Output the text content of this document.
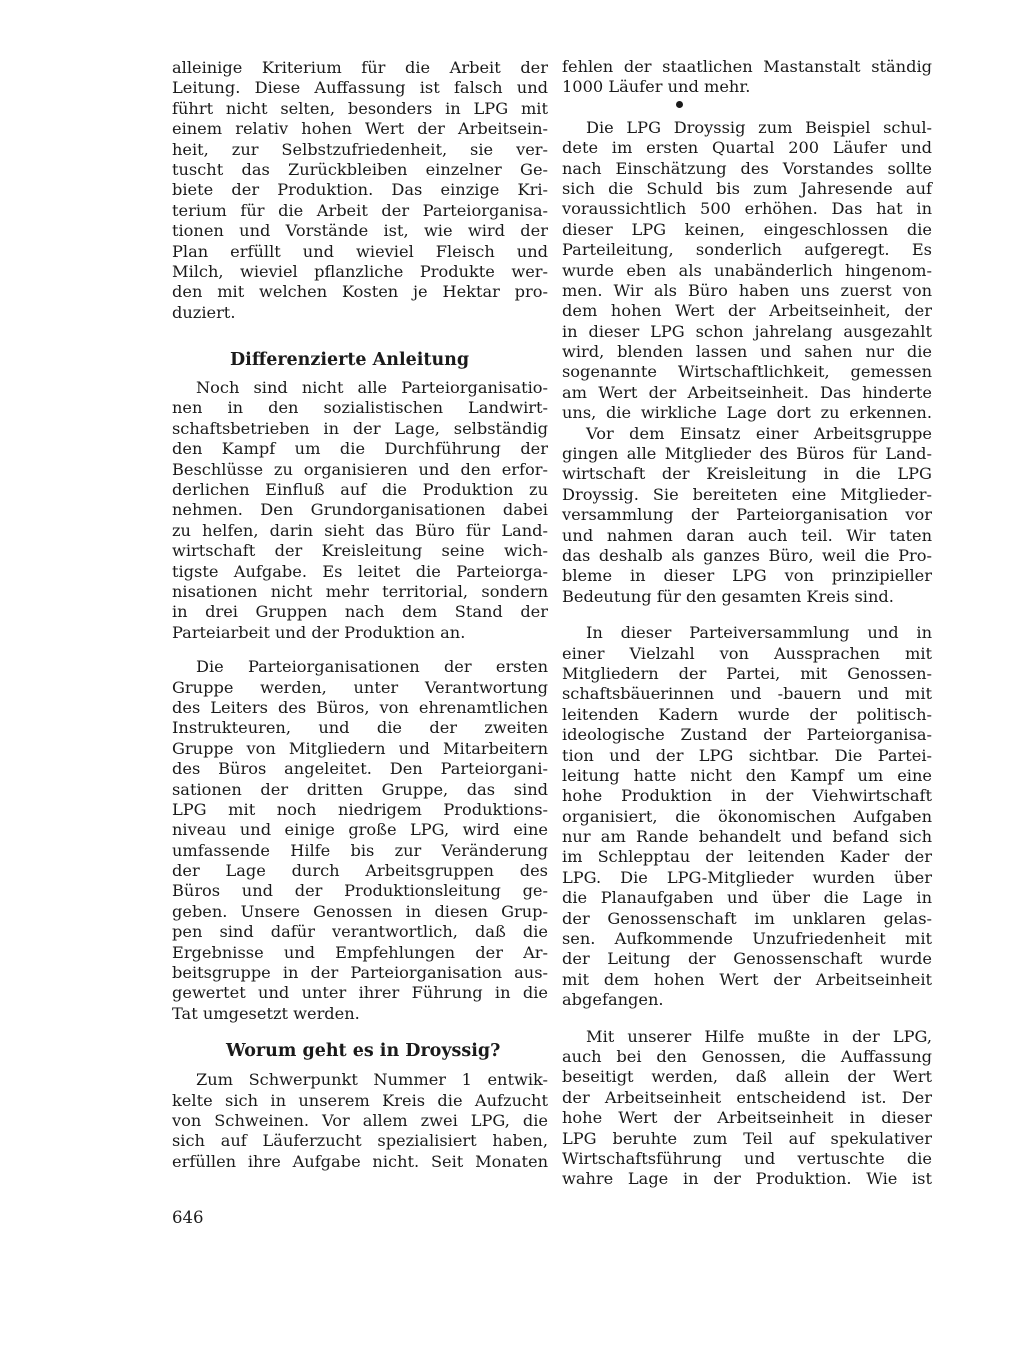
alleinige Kriterium für die Arbeit der
Leitung. Diese Auffassung ist falsch und
führt nicht selten, besonders in LPG mit
einem relativ hohen Wert der Arbeitsein-
heit, zur Selbstzufriedenheit, sie ver-
tuscht das Zurückbleiben einzelner Ge-
biete der Produktion. Das einzige Kri-
terium für die Arbeit der Parteiorganisa-
tionen und Vorstände ist, wie wird der
Plan erfüllt und wieviel Fleisch und
Milch, wieviel pflanzliche Produkte wer-
den mit welchen Kosten je Hektar pro-
duziert.
Differenzierte Anleitung
Noch sind nicht alle Parteiorganisatio-
nen in den sozialistischen Landwirt-
schaftsbetrieben in der Lage, selbständig
den Kampf um die Durchführung der
Beschlüsse zu organisieren und den erfor-
derlichen Einfluß auf die Produktion zu
nehmen. Den Grundorganisationen dabei
zu helfen, darin sieht das Büro für Land-
wirtschaft der Kreisleitung seine wich-
tigste Aufgabe. Es leitet die Parteiorga-
nisationen nicht mehr territorial, sondern
in drei Gruppen nach dem Stand der
Parteiarbeit und der Produktion an.
Die Parteiorganisationen der ersten
Gruppe werden, unter Verantwortung
des Leiters des Büros, von ehrenamtlichen
Instrukteuren, und die der zweiten
Gruppe von Mitgliedern und Mitarbeitern
des Büros angeleitet. Den Parteiorgani-
sationen der dritten Gruppe, das sind
LPG mit noch niedrigem Produktions-
niveau und einige große LPG, wird eine
umfassende Hilfe bis zur Veränderung
der Lage durch Arbeitsgruppen des
Büros und der Produktionsleitung ge-
geben. Unsere Genossen in diesen Grup-
pen sind dafür verantwortlich, daß die
Ergebnisse und Empfehlungen der Ar-
beitsgruppe in der Parteiorganisation aus-
gewertet und unter ihrer Führung in die
Tat umgesetzt werden.
Worum geht es in Droyssig?
Zum Schwerpunkt Nummer 1 entwik-
kelte sich in unserem Kreis die Aufzucht
von Schweinen. Vor allem zwei LPG, die
sich auf Läuferzucht spezialisiert haben,
erfüllen ihre Aufgabe nicht. Seit Monaten
fehlen der staatlichen Mastanstalt ständig
1000 Läufer und mehr.
Die LPG Droyssig zum Beispiel schul-
dete im ersten Quartal 200 Läufer und
nach Einschätzung des Vorstandes sollte
sich die Schuld bis zum Jahresende auf
voraussichtlich 500 erhöhen. Das hat in
dieser LPG keinen, eingeschlossen die
Parteileitung, sonderlich aufgeregt. Es
wurde eben als unabänderlich hingenom-
men. Wir als Büro haben uns zuerst von
dem hohen Wert der Arbeitseinheit, der
in dieser LPG schon jahrelang ausgezahlt
wird, blenden lassen und sahen nur die
sogenannte Wirtschaftlichkeit, gemessen
am Wert der Arbeitseinheit. Das hinderte
uns, die wirkliche Lage dort zu erkennen.
Vor dem Einsatz einer Arbeitsgruppe
gingen alle Mitglieder des Büros für Land-
wirtschaft der Kreisleitung in die LPG
Droyssig. Sie bereiteten eine Mitglieder-
versammlung der Parteiorganisation vor
und nahmen daran auch teil. Wir taten
das deshalb als ganzes Büro, weil die Pro-
bleme in dieser LPG von prinzipieller
Bedeutung für den gesamten Kreis sind.
In dieser Parteiversammlung und in
einer Vielzahl von Aussprachen mit
Mitgliedern der Partei, mit Genossen-
schaftsbäuerinnen und -bauern und mit
leitenden Kadern wurde der politisch-
ideologische Zustand der Parteiorganisa-
tion und der LPG sichtbar. Die Partei-
leitung hatte nicht den Kampf um eine
hohe Produktion in der Viehwirtschaft
organisiert, die ökonomischen Aufgaben
nur am Rande behandelt und befand sich
im Schlepptau der leitenden Kader der
LPG. Die LPG-Mitglieder wurden über
die Planaufgaben und über die Lage in
der Genossenschaft im unklaren gelas-
sen. Aufkommende Unzufriedenheit mit
der Leitung der Genossenschaft wurde
mit dem hohen Wert der Arbeitseinheit
abgefangen.
Mit unserer Hilfe mußte in der LPG,
auch bei den Genossen, die Auffassung
beseitigt werden, daß allein der Wert
der Arbeitseinheit entscheidend ist. Der
hohe Wert der Arbeitseinheit in dieser
LPG beruhte zum Teil auf spekulativer
Wirtschaftsführung und vertuschte die
wahre Lage in der Produktion. Wie ist
646
